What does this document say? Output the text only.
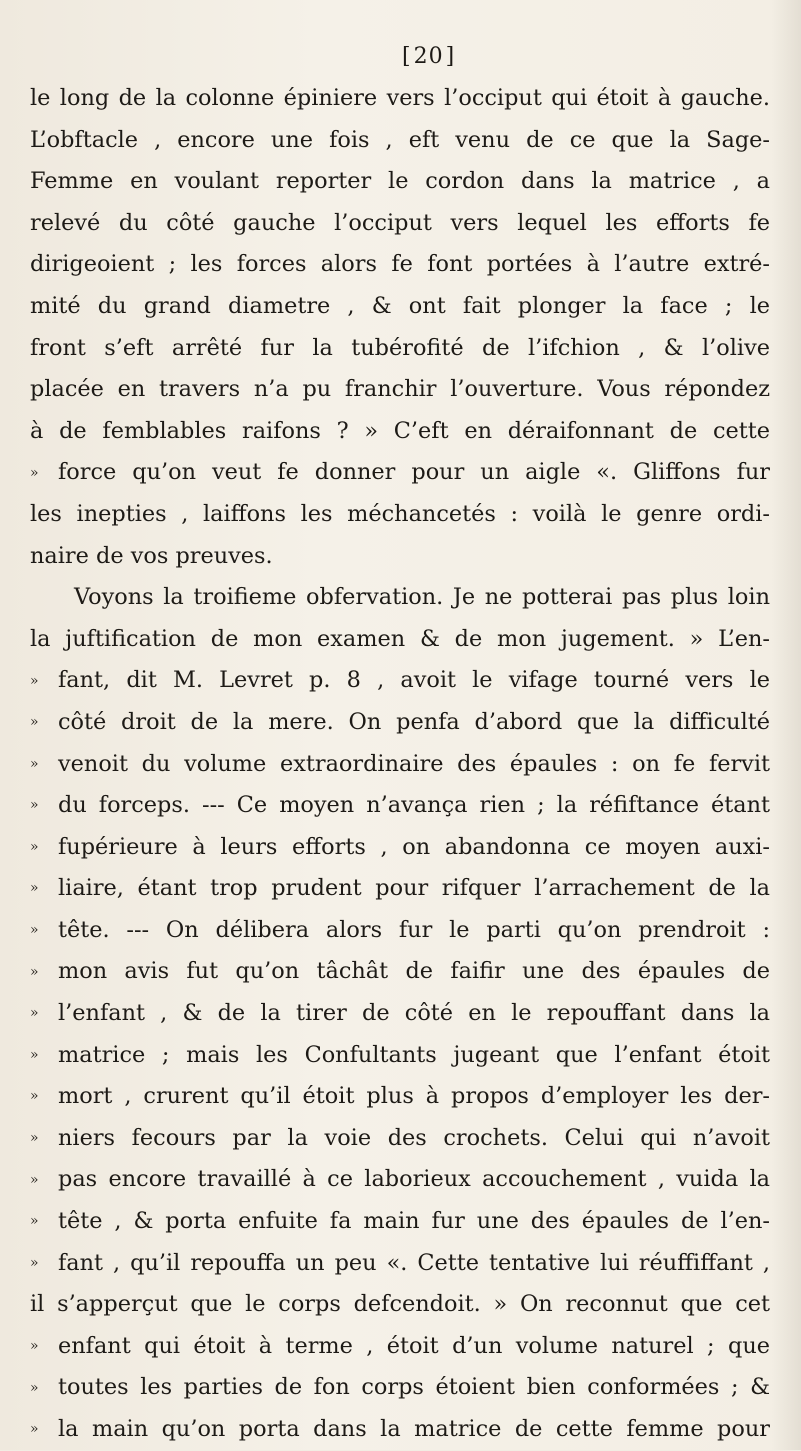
[ 20 ]
le long de la colonne épiniere vers l’occiput qui étoit à gauche.
L’obftacle , encore une fois , eft venu de ce que la Sage-
Femme en voulant reporter le cordon dans la matrice , a
relevé du côté gauche l’occiput vers lequel les efforts fe
dirigeoient ; les forces alors fe font portées à l’autre extré-
mité du grand diametre , & ont fait plonger la face ; le
front s’eft arrêté fur la tubérofité de l’ifchion , & l’olive
placée en travers n’a pu franchir l’ouverture. Vous répondez
à de femblables raifons ? » C’eft en déraifonnant de cette
» force qu’on veut fe donner pour un aigle «. Gliffons fur
les inepties , laiffons les méchancetés : voilà le genre ordi-
naire de vos preuves.
Voyons la troifieme obfervation. Je ne potterai pas plus loin
la juftification de mon examen & de mon jugement. » L’en-
» fant, dit M. Levret p. 8 , avoit le vifage tourné vers le
» côté droit de la mere. On penfa d’abord que la difficulté
» venoit du volume extraordinaire des épaules : on fe fervit
» du forceps. --- Ce moyen n’avança rien ; la réfiftance étant
» fupérieure à leurs efforts , on abandonna ce moyen auxi-
» liaire, étant trop prudent pour rifquer l’arrachement de la
» tête. --- On délibera alors fur le parti qu’on prendroit :
» mon avis fut qu’on tâchât de faifir une des épaules de
» l’enfant , & de la tirer de côté en le repouffant dans la
» matrice ; mais les Confultants jugeant que l’enfant étoit
» mort , crurent qu’il étoit plus à propos d’employer les der-
» niers fecours par la voie des crochets. Celui qui n’avoit
» pas encore travaillé à ce laborieux accouchement , vuida la
» tête , & porta enfuite fa main fur une des épaules de l’en-
» fant , qu’il repouffa un peu «. Cette tentative lui réuffiffant ,
il s’apperçut que le corps defcendoit. » On reconnut que cet
» enfant qui étoit à terme , étoit d’un volume naturel ; que
» toutes les parties de fon corps étoient bien conformées ; &
» la main qu’on porta dans la matrice de cette femme pour
